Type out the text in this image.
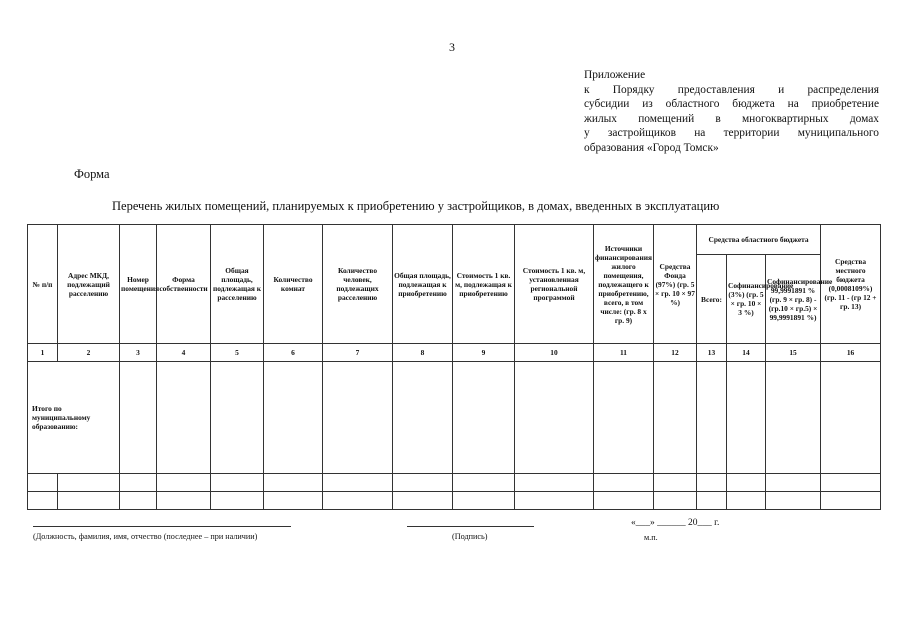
3
Приложение
к Порядку предоставления и распределения
субсидии из областного бюджета на приобретение
жилых помещений в многоквартирных домах
у застройщиков на территории муниципального
образования «Город Томск»
Форма
Перечень жилых помещений, планируемых к приобретению у застройщиков, в домах, введенных в эксплуатацию
№ п/п	Адрес МКД, подлежащий расселению	Номер помещения	Форма собственности	Общая площадь, подлежащая к расселению	Количество комнат	Количество человек, подлежащих расселению	Общая площадь, подлежащая к приобретению	Стоимость 1 кв. м, подлежащая к приобретению	Стоимость 1 кв. м, установленная региональной программой	Источники финансирования жилого помещения, подлежащего к приобретению, всего, в том числе: (гр. 8 х гр. 9)	Средства Фонда (97%) (гр. 5 × гр. 10 × 97 %)	Средства областного бюджета			Средства местного бюджета (0,0008109%) (гр. 11 - (гр 12 + гр. 13)
												Всего:	Софинансирование (3%) (гр. 5 × гр. 10 × 3 %)	Софинансирование 99,9991891 % (гр. 9 × гр. 8) - (гр.10 × гр.5) × 99,9991891 %)	
1	2	3	4	5	6	7	8	9	10	11	12	13	14	15	16
Итого по муниципальному образованию:															

(Должность, фамилия, имя, отчество (последнее – при наличии)	(Подпись)
«___» ______ 20___ г.
м.п.
